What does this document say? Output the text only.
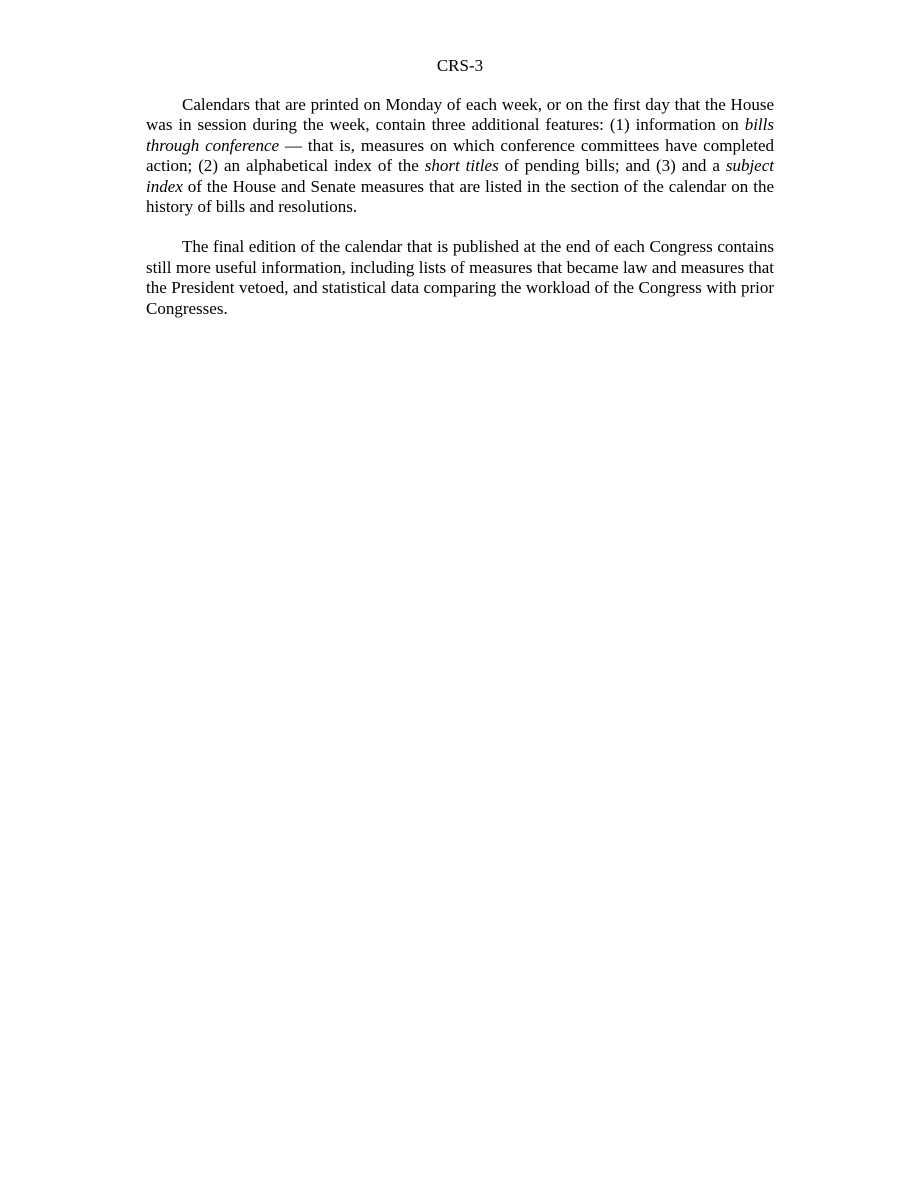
CRS-3

Calendars that are printed on Monday of each week, or on the first day that the House was in session during the week, contain three additional features: (1) information on bills through conference — that is, measures on which conference committees have completed action; (2) an alphabetical index of the short titles of pending bills; and (3) and a subject index of the House and Senate measures that are listed in the section of the calendar on the history of bills and resolutions.

The final edition of the calendar that is published at the end of each Congress contains still more useful information, including lists of measures that became law and measures that the President vetoed, and statistical data comparing the workload of the Congress with prior Congresses.
